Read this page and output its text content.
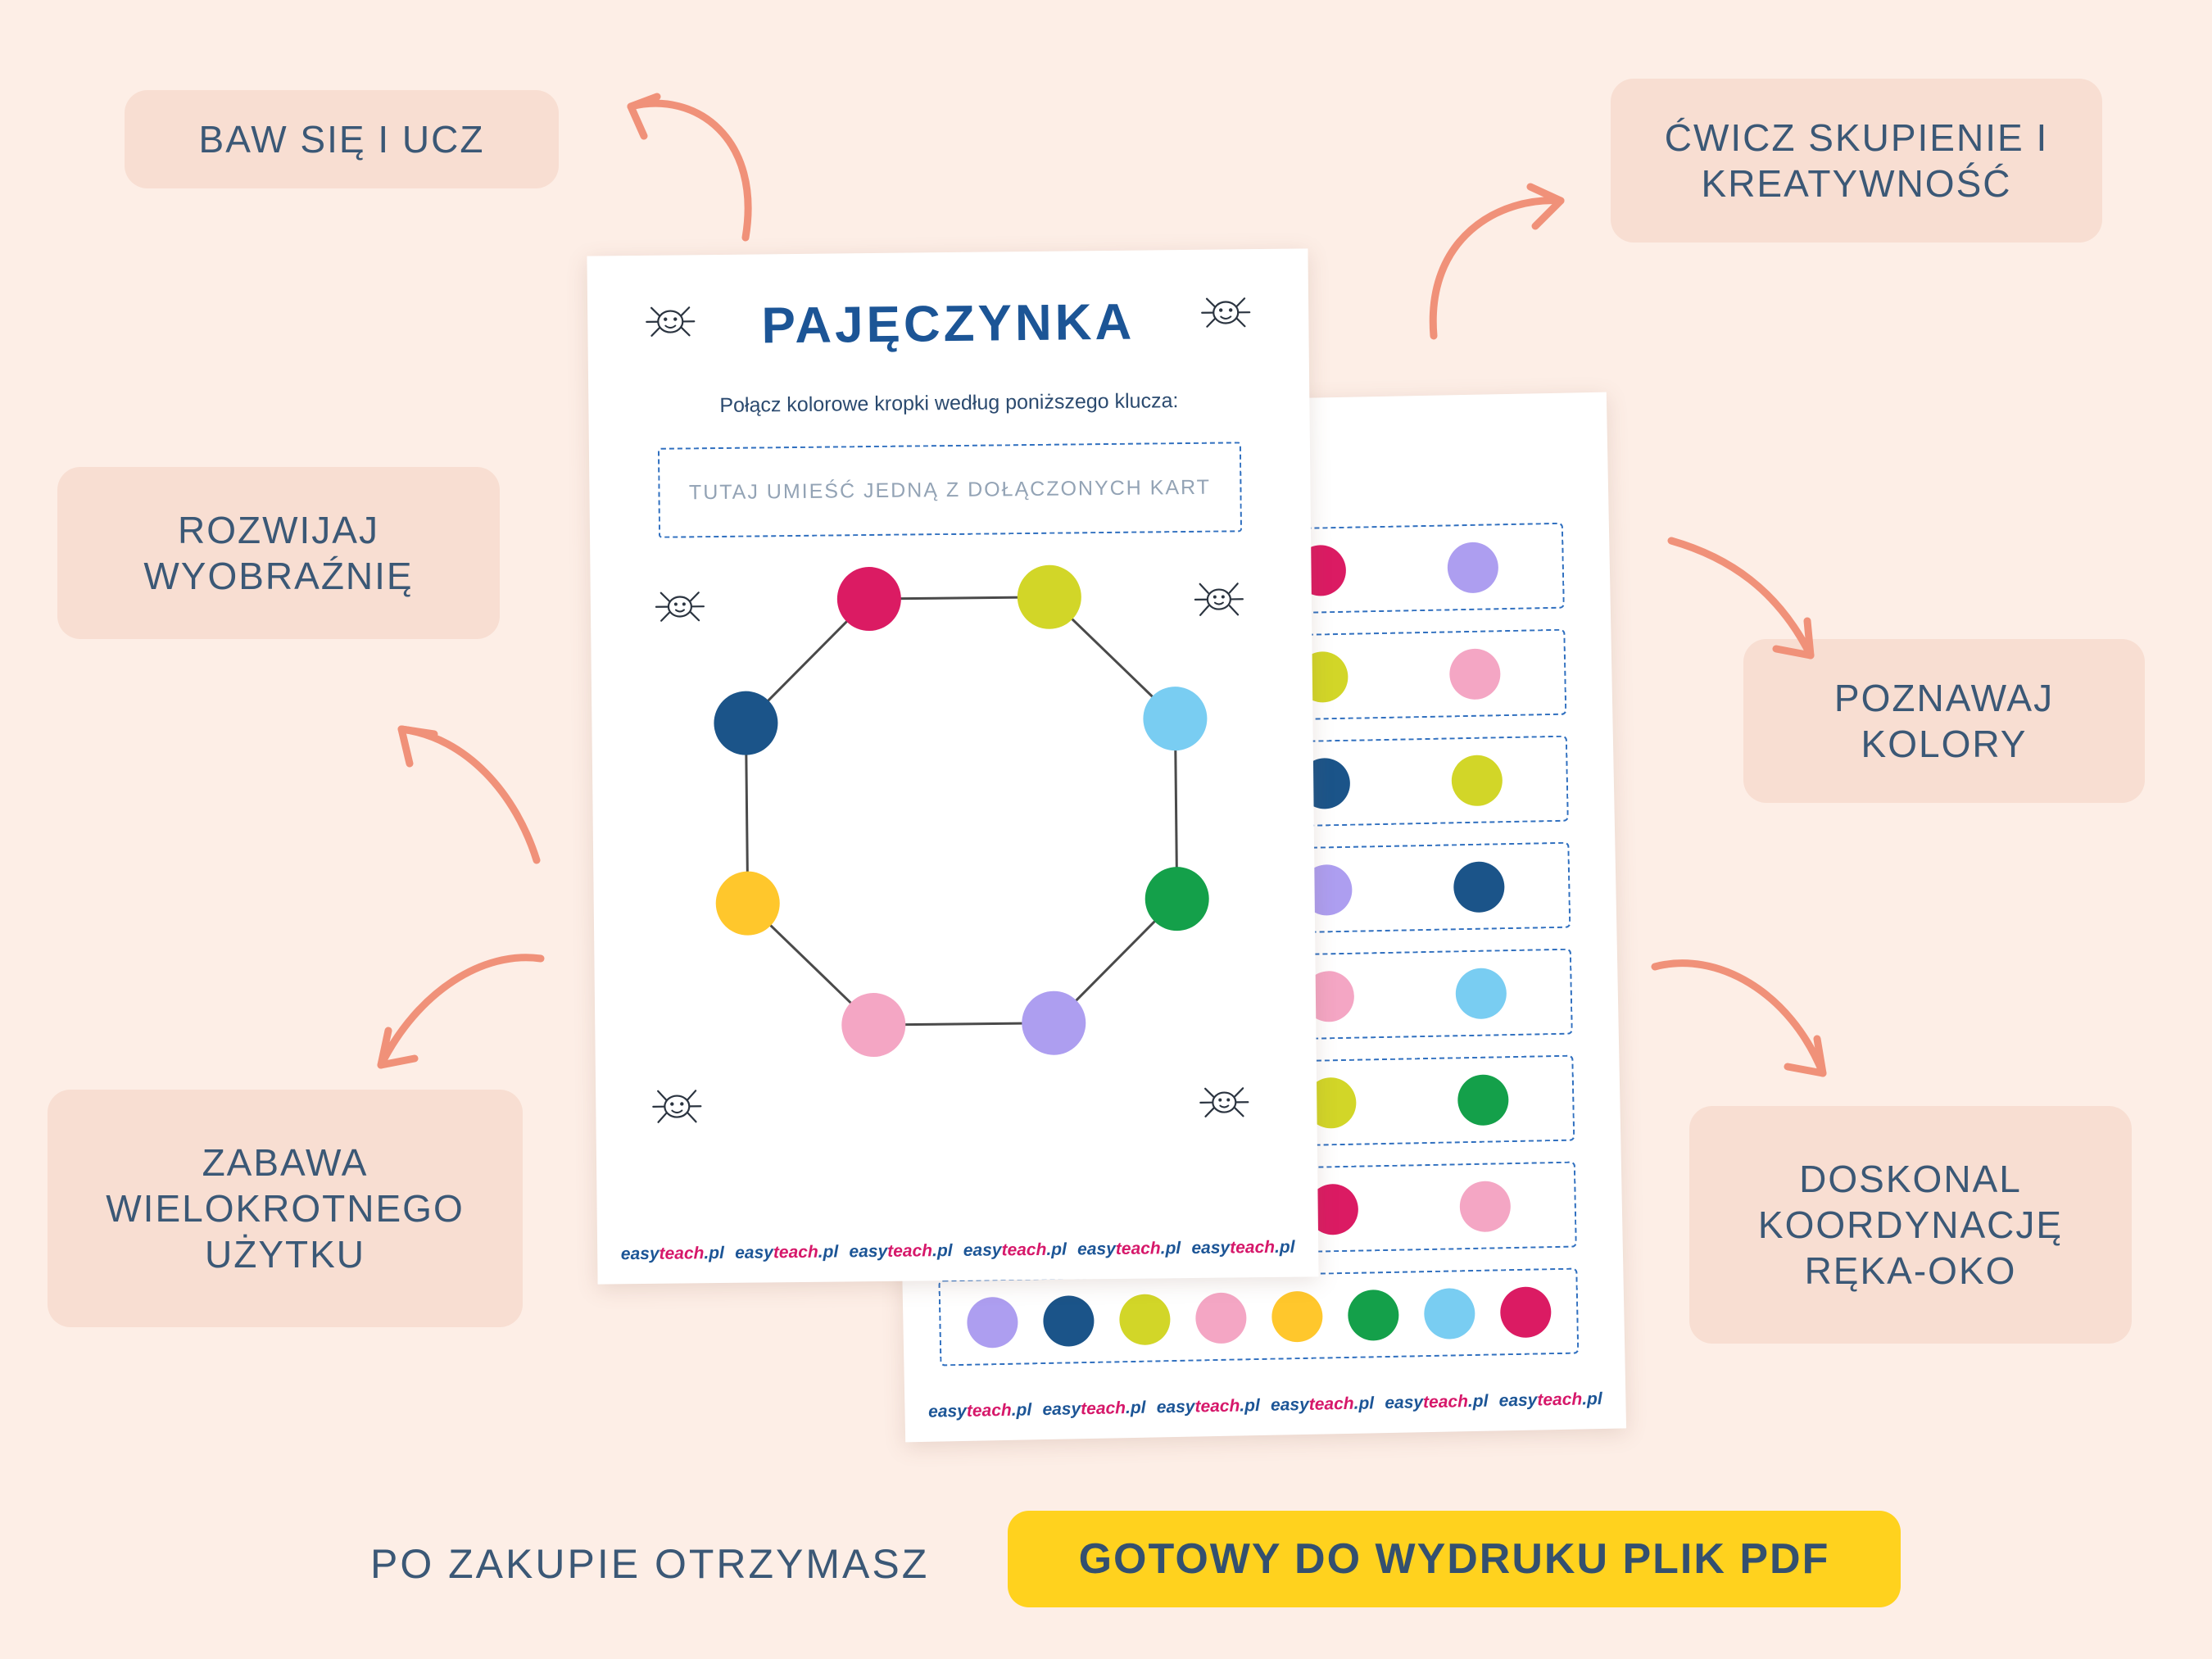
BAW SIĘ I UCZ	ĆWICZ SKUPIENIE I KREATYWNOŚĆ
ROZWIJAJ WYOBRAŹNIĘ
POZNAWAJ KOLORY
ZABAWA WIELOKROTNEGO UŻYTKU
DOSKONAL KOORDYNACJĘ RĘKA-OKO
easyteach.pl easyteach.pl easyteach.pl easyteach.pl easyteach.pl easyteach.pl
PAJĘCZYNKA
Połącz kolorowe kropki według poniższego klucza:
TUTAJ UMIEŚĆ JEDNĄ Z DOŁĄCZONYCH KART
easyteach.pl easyteach.pl easyteach.pl easyteach.pl easyteach.pl easyteach.pl
PO ZAKUPIE OTRZYMASZ	GOTOWY DO WYDRUKU PLIK PDF
